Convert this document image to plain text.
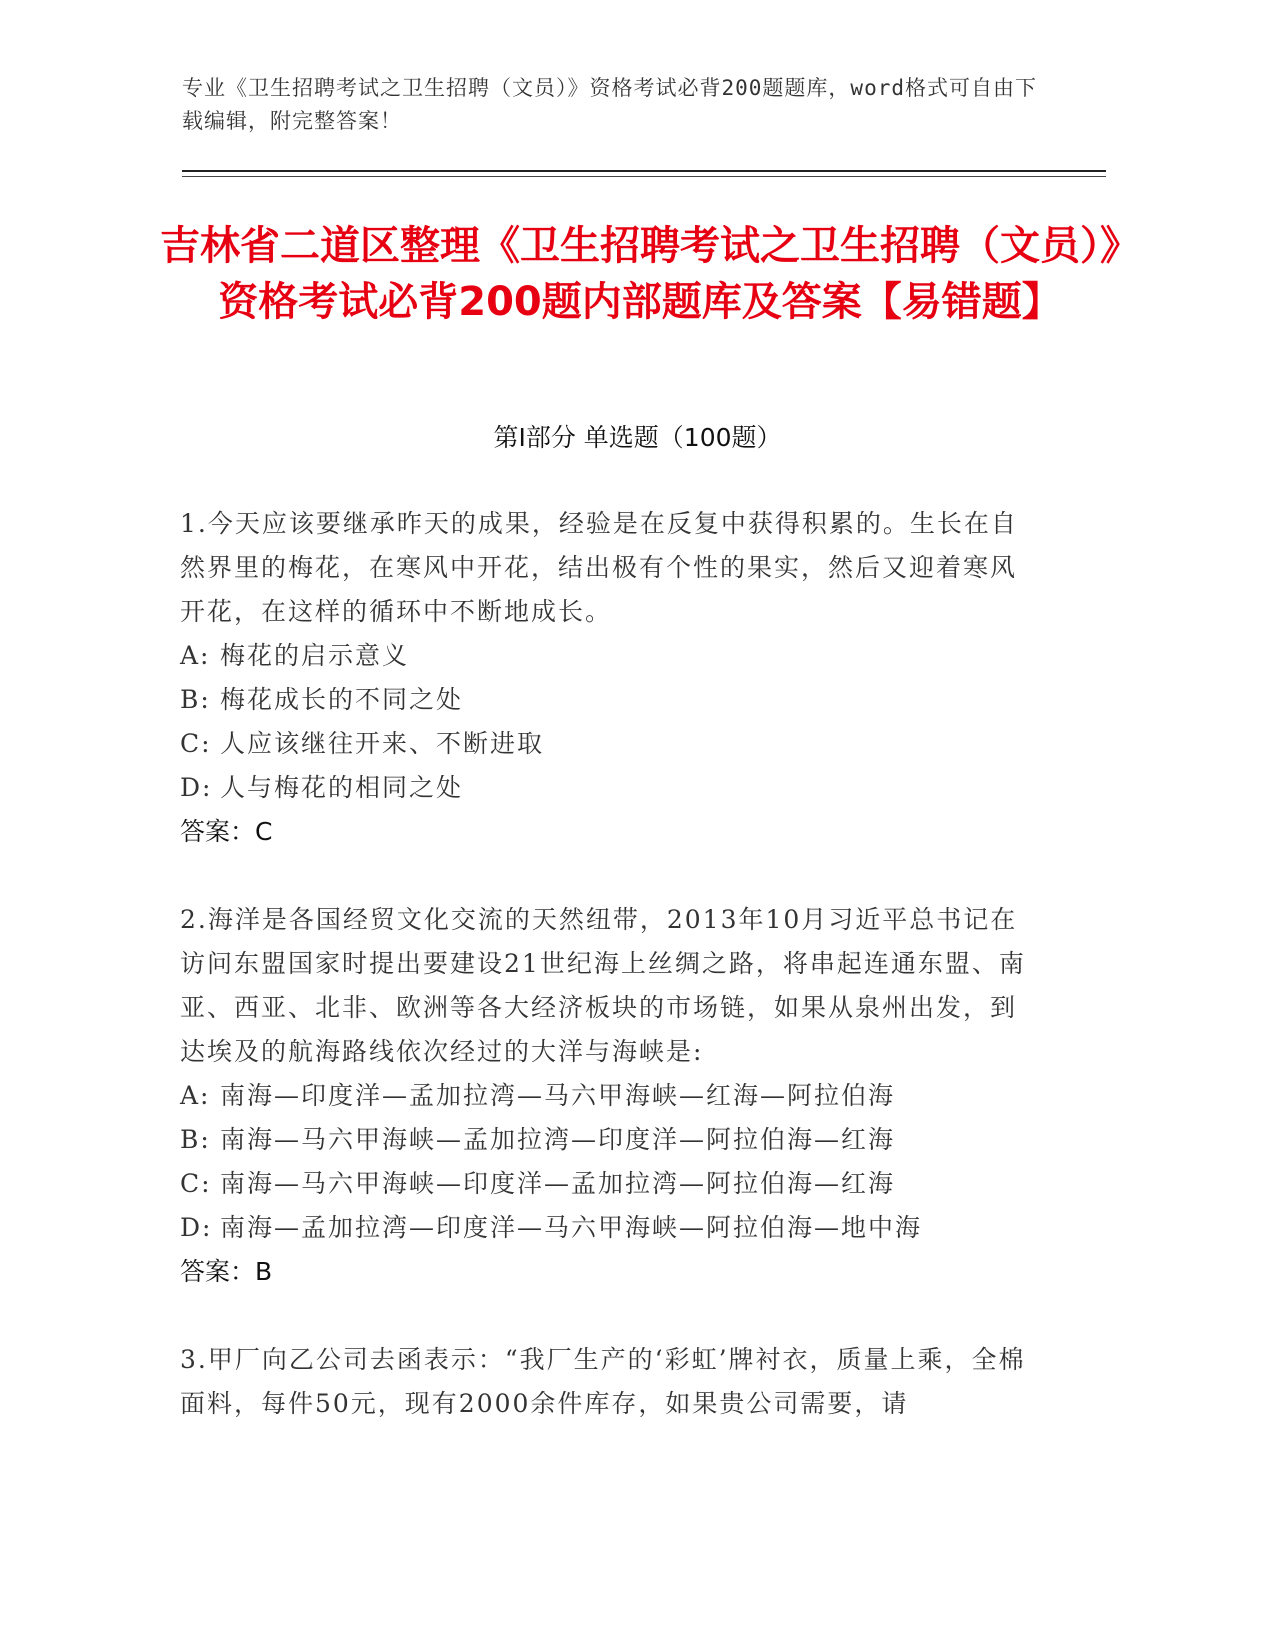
专业《卫生招聘考试之卫生招聘（文员）》资格考试必背200题题库，word格式可自由下载编辑，附完整答案！
吉林省二道区整理《卫生招聘考试之卫生招聘（文员）》资格考试必背200题内部题库及答案【易错题】
第Ⅰ部分 单选题（100题）
1.今天应该要继承昨天的成果，经验是在反复中获得积累的。生长在自然界里的梅花，在寒风中开花，结出极有个性的果实，然后又迎着寒风开花，在这样的循环中不断地成长。
A: 梅花的启示意义
B: 梅花成长的不同之处
C: 人应该继往开来、不断进取
D: 人与梅花的相同之处
答案：C
2.海洋是各国经贸文化交流的天然纽带，2013年10月习近平总书记在访问东盟国家时提出要建设21世纪海上丝绸之路，将串起连通东盟、南亚、西亚、北非、欧洲等各大经济板块的市场链，如果从泉州出发，到达埃及的航海路线依次经过的大洋与海峡是:
A: 南海—印度洋—孟加拉湾—马六甲海峡—红海—阿拉伯海
B: 南海—马六甲海峡—孟加拉湾—印度洋—阿拉伯海—红海
C: 南海—马六甲海峡—印度洋—孟加拉湾—阿拉伯海—红海
D: 南海—孟加拉湾—印度洋—马六甲海峡—阿拉伯海—地中海
答案：B
3.甲厂向乙公司去函表示：“我厂生产的‘彩虹’牌衬衣，质量上乘，全棉面料，每件50元，现有2000余件库存，如果贵公司需要，请
